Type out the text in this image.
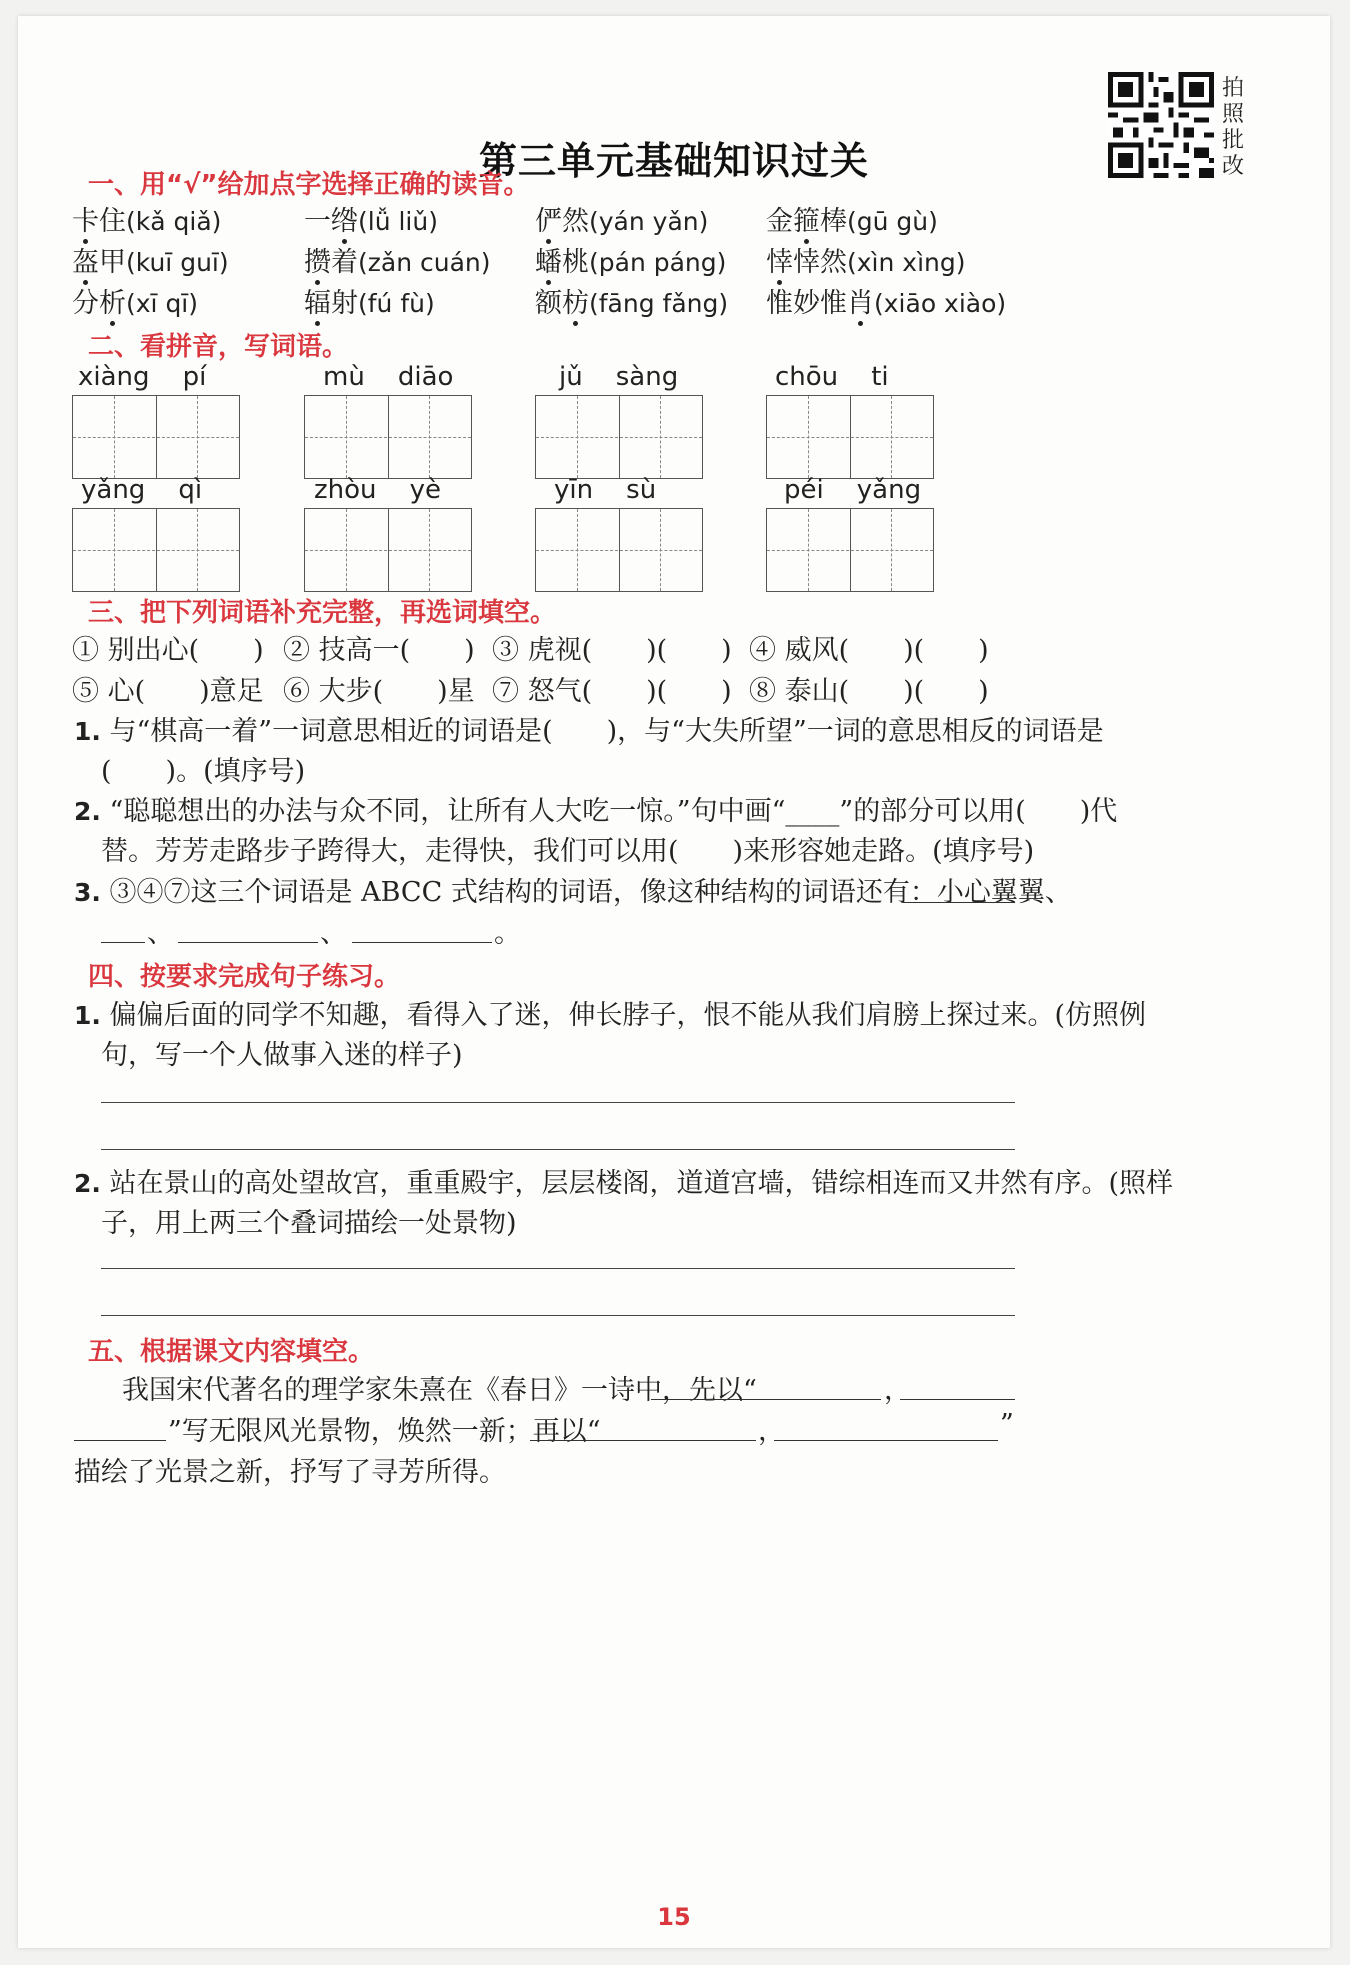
第三单元基础知识过关
拍
照
批
改
一、用“√”给加点字选择正确的读音。
卡住(kǎ qiǎ)	一绺(lǚ liǔ)	俨然(yán yǎn) 金箍棒(gū gù)
盔甲(kuī guī)	攒着(zǎn cuán) 蟠桃(pán páng) 悻悻然(xìn xìng)
分析(xī qī)	辐射(fú fù)	额枋(fāng fǎng) 惟妙惟肖(xiāo xiào)
二、看拼音，写词语。
xiàng    pí	mù    diāo	jǔ    sàng	chōu    ti
yǎng    qì	zhòu    yè	yīn    sù	péi    yǎng
三、把下列词语补充完整，再选词填空。
① 别出心(　　) ② 技高一(　　) ③ 虎视(　　)(　　) ④ 威风(　　)(　　)
⑤ 心(　　)意足 ⑥ 大步(　　)星 ⑦ 怒气(　　)(　　) ⑧ 泰山(　　)(　　)
1. 与“棋高一着”一词意思相近的词语是(　　)，与“大失所望”一词的意思相反的词语是
(　　)。(填序号)
2. “聪聪想出的办法与众不同，让所有人大吃一惊。”句中画“____”的部分可以用(　　)代
替。芳芳走路步子跨得大，走得快，我们可以用(　　)来形容她走路。(填序号)
3. ③④⑦这三个词语是 ABCC 式结构的词语，像这种结构的词语还有：小心翼翼、
、	、	。
四、按要求完成句子练习。
1. 偏偏后面的同学不知趣，看得入了迷，伸长脖子，恨不能从我们肩膀上探过来。(仿照例
句，写一个人做事入迷的样子)
2. 站在景山的高处望故宫，重重殿宇，层层楼阁，道道宫墙，错综相连而又井然有序。(照样
子，用上两三个叠词描绘一处景物)
五、根据课文内容填空。
我国宋代著名的理学家朱熹在《春日》一诗中，先以“	，
”写无限风光景物，焕然一新；再以“	，	”
描绘了光景之新，抒写了寻芳所得。
15
